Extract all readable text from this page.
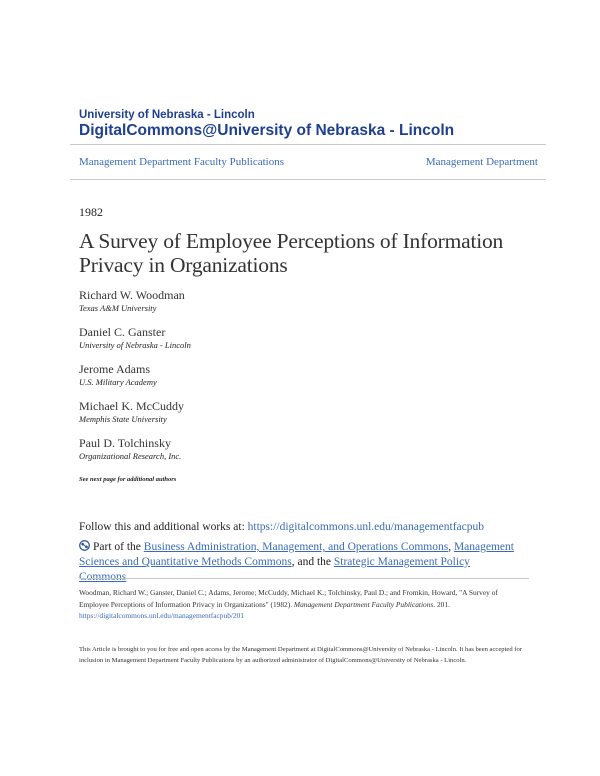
University of Nebraska - Lincoln
DigitalCommons@University of Nebraska - Lincoln
Management Department Faculty Publications	Management Department
1982
A Survey of Employee Perceptions of Information Privacy in Organizations
Richard W. Woodman
Texas A&M University
Daniel C. Ganster
University of Nebraska - Lincoln
Jerome Adams
U.S. Military Academy
Michael K. McCuddy
Memphis State University
Paul D. Tolchinsky
Organizational Research, Inc.
See next page for additional authors
Follow this and additional works at: https://digitalcommons.unl.edu/managementfacpub
Part of the Business Administration, Management, and Operations Commons, Management Sciences and Quantitative Methods Commons, and the Strategic Management Policy Commons
Woodman, Richard W.; Ganster, Daniel C.; Adams, Jerome; McCuddy, Michael K.; Tolchinsky, Paul D.; and Fromkin, Howard, "A Survey of Employee Perceptions of Information Privacy in Organizations" (1982). Management Department Faculty Publications. 201.
https://digitalcommons.unl.edu/managementfacpub/201
This Article is brought to you for free and open access by the Management Department at DigitalCommons@University of Nebraska - Lincoln. It has been accepted for inclusion in Management Department Faculty Publications by an authorized administrator of DigitalCommons@University of Nebraska - Lincoln.
